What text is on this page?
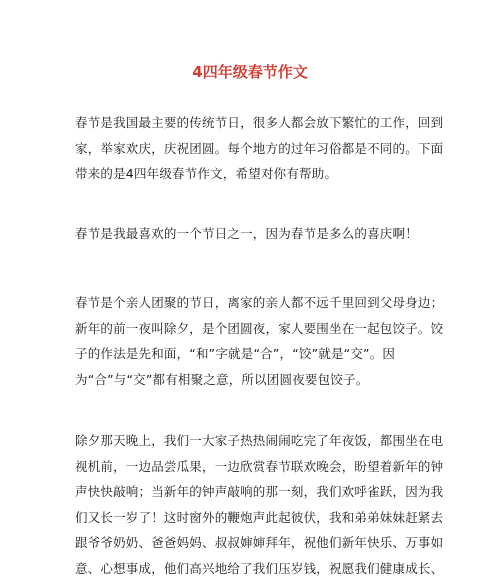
4四年级春节作文

春节是我国最主要的传统节日，很多人都会放下繁忙的工作，回到
家，举家欢庆，庆祝团圆。每个地方的过年习俗都是不同的。下面
带来的是4四年级春节作文，希望对你有帮助。

春节是我最喜欢的一个节日之一，因为春节是多么的喜庆啊！

春节是个亲人团聚的节日，离家的亲人都不远千里回到父母身边；
新年的前一夜叫除夕，是个团圆夜，家人要围坐在一起包饺子。饺
子的作法是先和面，“和”字就是“合”，“饺”就是“交”。因
为“合”与“交”都有相聚之意，所以团圆夜要包饺子。

除夕那天晚上，我们一大家子热热闹闹吃完了年夜饭，都围坐在电
视机前，一边品尝瓜果，一边欣赏春节联欢晚会，盼望着新年的钟
声快快敲响；当新年的钟声敲响的那一刻，我们欢呼雀跃，因为我
们又长一岁了！这时窗外的鞭炮声此起彼伏，我和弟弟妹妹赶紧去
跟爷爷奶奶、爸爸妈妈、叔叔婶婶拜年，祝他们新年快乐、万事如
意、心想事成，他们高兴地给了我们压岁钱，祝愿我们健康成长、
